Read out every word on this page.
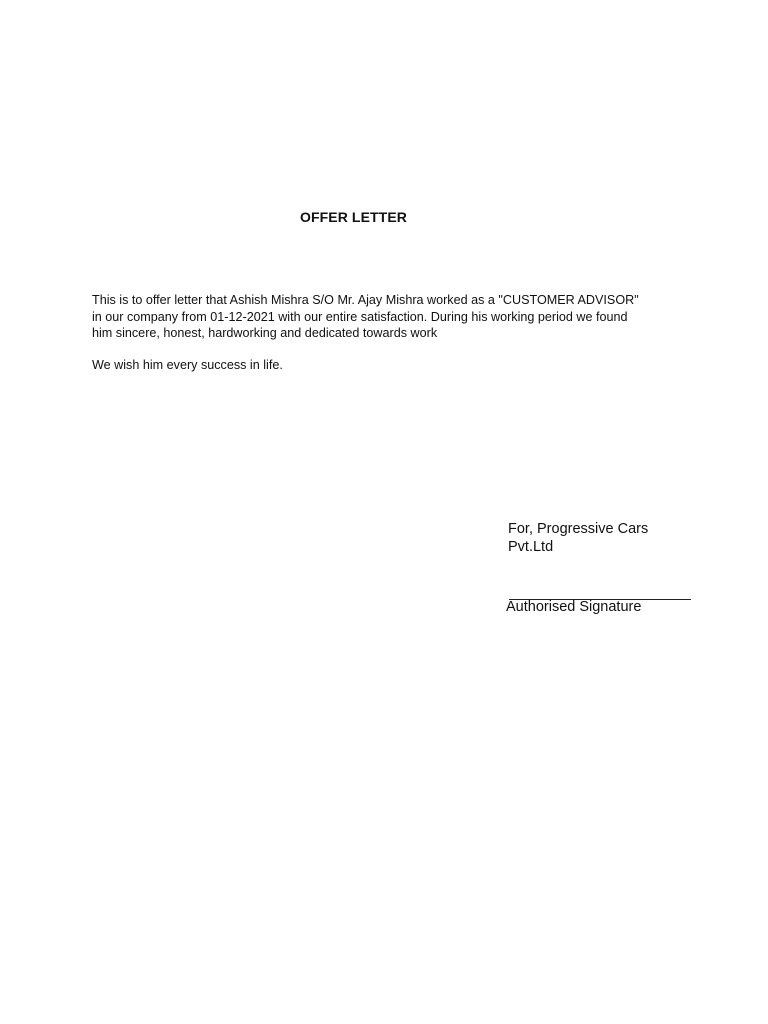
OFFER LETTER

This is to offer letter that Ashish Mishra S/O Mr. Ajay Mishra worked as a "CUSTOMER ADVISOR"

in our company from 01-12-2021 with our entire satisfaction. During his working period we found

him sincere, honest, hardworking and dedicated towards work

We wish him every success in life.
For, Progressive Cars
Pvt.Ltd
Authorised Signature
